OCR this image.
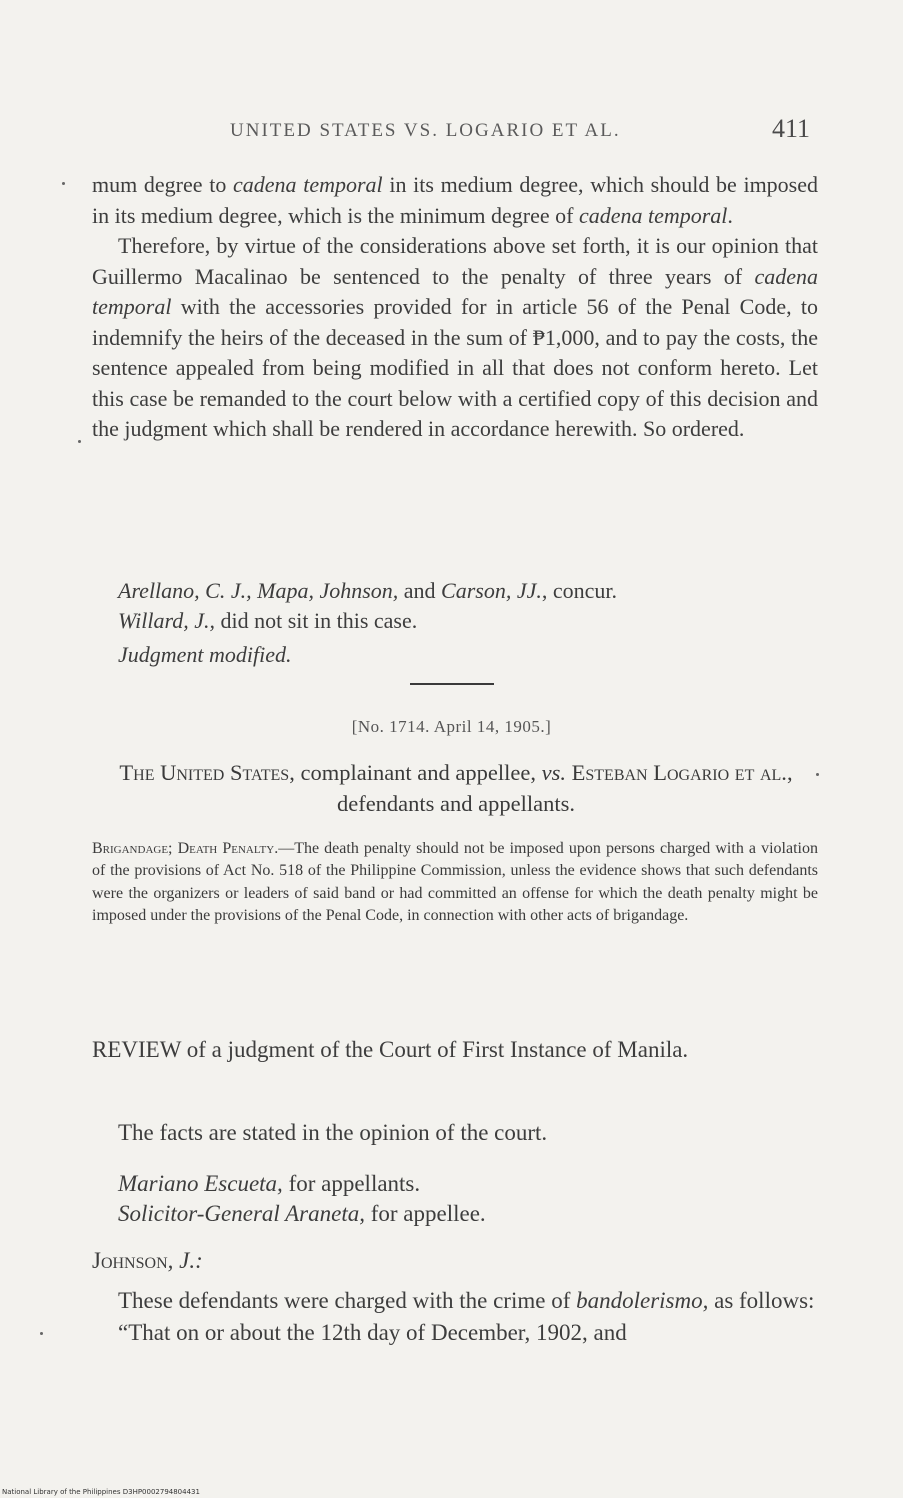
UNITED STATES VS. LOGARIO ET AL.	411

mum degree to cadena temporal in its medium degree, which should be imposed in its medium degree, which is the minimum degree of cadena temporal.

Therefore, by virtue of the considerations above set forth, it is our opinion that Guillermo Macalinao be sentenced to the penalty of three years of cadena temporal with the accessories provided for in article 56 of the Penal Code, to indemnify the heirs of the deceased in the sum of ₱1,000, and to pay the costs, the sentence appealed from being modified in all that does not conform hereto. Let this case be remanded to the court below with a certified copy of this decision and the judgment which shall be rendered in accordance herewith. So ordered.

Arellano, C. J., Mapa, Johnson, and Carson, JJ., concur.
Willard, J., did not sit in this case.
Judgment modified.
[No. 1714. April 14, 1905.]
The United States, complainant and appellee, vs. Esteban Logario et al., defendants and appellants.

Brigandage; Death Penalty.—The death penalty should not be imposed upon persons charged with a violation of the provisions of Act No. 518 of the Philippine Commission, unless the evidence shows that such defendants were the organizers or leaders of said band or had committed an offense for which the death penalty might be imposed under the provisions of the Penal Code, in connection with other acts of brigandage.

REVIEW of a judgment of the Court of First Instance of Manila.

The facts are stated in the opinion of the court.
Mariano Escueta, for appellants.
Solicitor-General Araneta, for appellee.
Johnson, J.:

These defendants were charged with the crime of bandolerismo, as follows:

“That on or about the 12th day of December, 1902, and

National Library of the Philippines D3HP0002794804431
